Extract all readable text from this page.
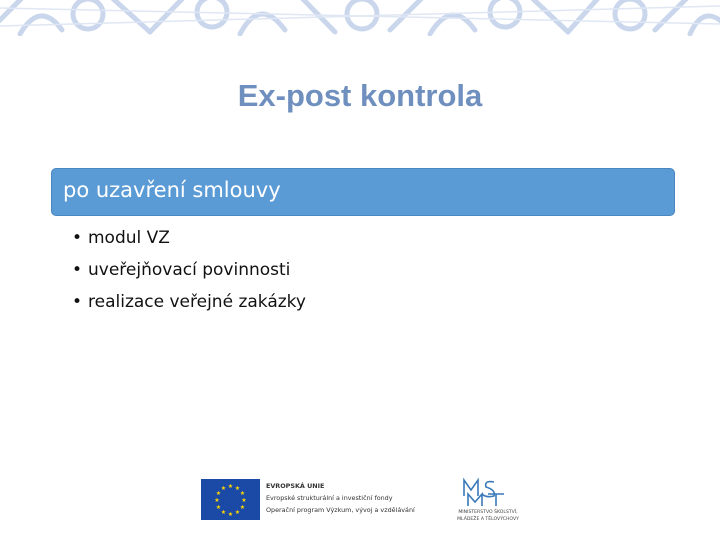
Ex-post kontrola
po uzavření smlouvy
• modul VZ
• uveřejňovací povinnosti
• realizace veřejné zakázky
★ ★
★
★
★
★
★
★
★
★
★
★	EVROPSKÁ UNIE
Evropské strukturální a investiční fondy
Operační program Výzkum, vývoj a vzdělávání	MINISTERSTVO ŠKOLSTVÍ,
MLÁDEŽE A TĚLOVÝCHOVY
